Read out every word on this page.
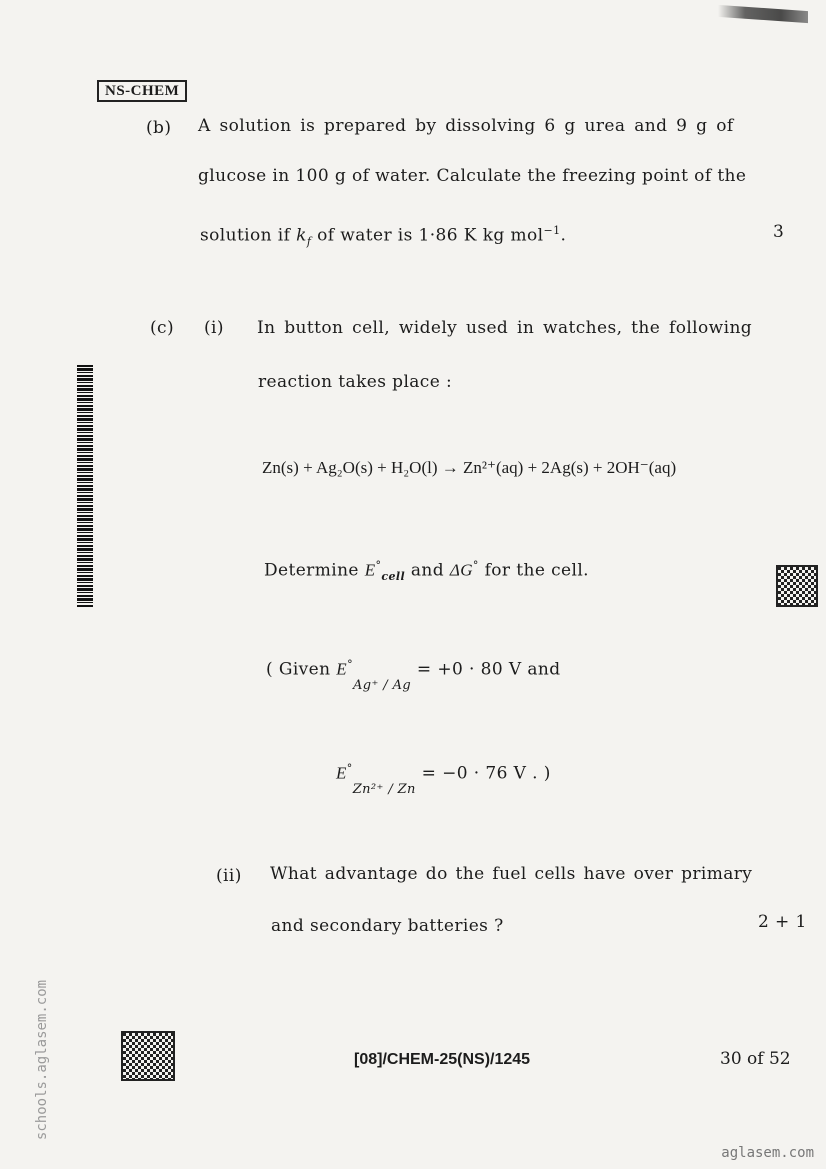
NS-CHEM
(b) A solution is prepared by dissolving 6 g urea and 9 g of
glucose in 100 g of water. Calculate the freezing point of the
solution if $k_f$ of water is 1·86 K kg mol$^{-1}$.	3
(c) (i) In button cell, widely used in watches, the following
reaction takes place :
Zn(s) + Ag₂O(s) + H₂O(l) → Zn²⁺(aq) + 2Ag(s) + 2OH⁻(aq)
Determine $E^\circ_{cell}$ and ΔG° for the cell.
( Given $E^\circ_{Ag^+ / Ag} = +0 \cdot 80$ V and
$E^\circ_{Zn^{2+} / Zn} = -0 \cdot 76$ V . )
(ii) What advantage do the fuel cells have over primary
and secondary batteries ?	2 + 1
[08]/CHEM-25(NS)/1245	30 of 52
schools.aglasem.com
aglasem.com
